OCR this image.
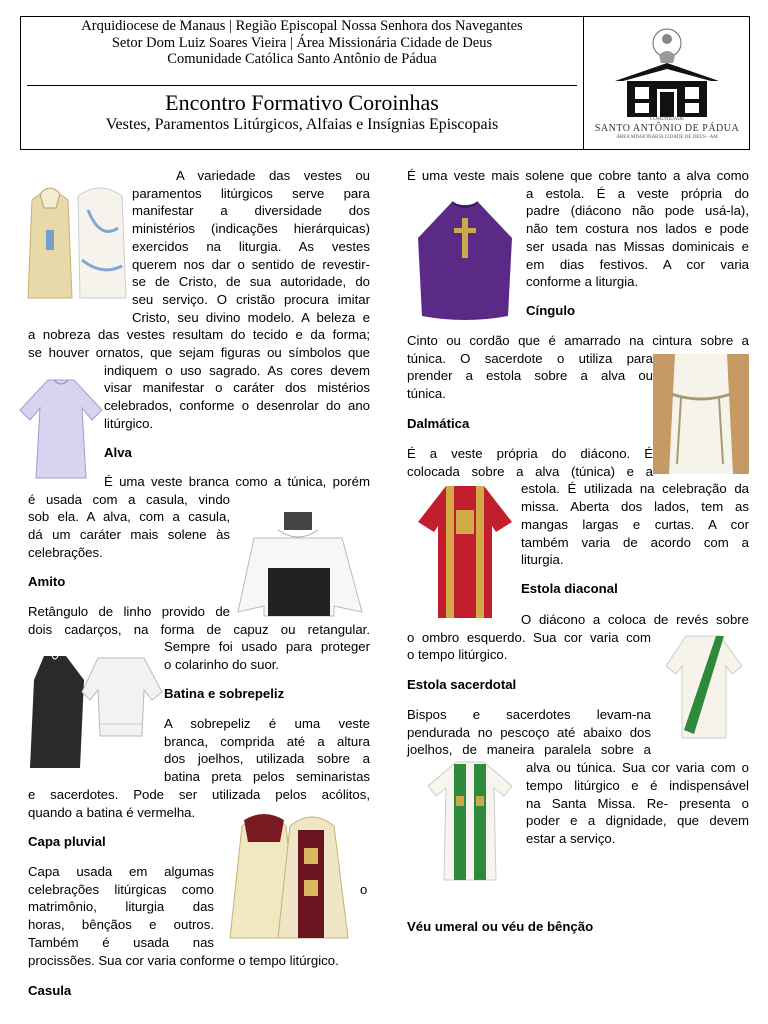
Arquidiocese de Manaus | Região Episcopal Nossa Senhora dos Navegantes
Setor Dom Luiz Soares Vieira | Área Missionária Cidade de Deus
Comunidade Católica Santo Antônio de Pádua
Encontro Formativo Coroinhas
Vestes, Paramentos Litúrgicos, Alfaias e Insígnias Episcopais	SANTO ANTÔNIO DE PÁDUA
COMUNIDADE
ÁREA MISSIONÁRIA CIDADE DE DEUS - AM

A variedade das vestes ou

paramentos litúrgicos serve para

manifestar a diversidade dos

ministérios (indicações hierárquicas)

exercidos na liturgia. As vestes

querem nos dar o sentido de revestir-

se de Cristo, de sua autoridade, do

seu serviço. O cristão procura imitar

Cristo, seu divino modelo. A beleza e

a nobreza das vestes resultam do tecido e da forma;

se houver ornatos, que sejam figuras ou símbolos que

indiquem o uso sagrado. As cores devem

visar manifestar o caráter dos mistérios

celebrados, conforme o desenrolar do ano

litúrgico.

Alva

É uma veste branca como a túnica, porém

é usada com a casula, vindo

sob ela. A alva, com a casula,

dá um caráter mais solene às

celebrações.

Amito

Retângulo de linho provido de

dois cadarços, na forma de capuz ou retangular.

Sempre foi usado para proteger

o colarinho do suor.

Batina e sobrepeliz

A sobrepeliz é uma veste

branca, comprida até a altura

dos joelhos, utilizada sobre a

batina preta pelos seminaristas

e sacerdotes. Pode ser utilizada pelos acólitos,

quando a batina é vermelha.

Capa pluvial

Capa usada em algumas

celebrações litúrgicas como	o

matrimônio, liturgia das

horas, bênçãos e outros.

Também é usada nas

procissões. Sua cor varia conforme o tempo litúrgico.

Casula

É uma veste mais solene que cobre tanto a alva como

a estola. É a veste própria do

padre (diácono não pode usá-la),

não tem costura nos lados e pode

ser usada nas Missas dominicais e

em dias festivos. A cor varia

conforme a liturgia.

Cíngulo

Cinto ou cordão que é amarrado na cintura sobre a

túnica. O sacerdote o utiliza para

prender a estola sobre a alva ou

túnica.

Dalmática

É a veste própria do diácono. É

colocada sobre a alva (túnica) e a

estola. É utilizada na celebração da

missa. Aberta dos lados, tem as

mangas largas e curtas. A cor

também varia de acordo com a

liturgia.

Estola diaconal

O diácono a coloca de revés sobre

o ombro esquerdo. Sua cor varia com

o tempo litúrgico.

Estola sacerdotal

Bispos e sacerdotes levam-na

pendurada no pescoço até abaixo dos

joelhos, de maneira paralela sobre a

alva ou túnica. Sua cor varia com o

tempo litúrgico e é indispensável

na Santa Missa. Re- presenta o

poder e a dignidade, que devem

estar a serviço.

Véu umeral ou véu de bênção
